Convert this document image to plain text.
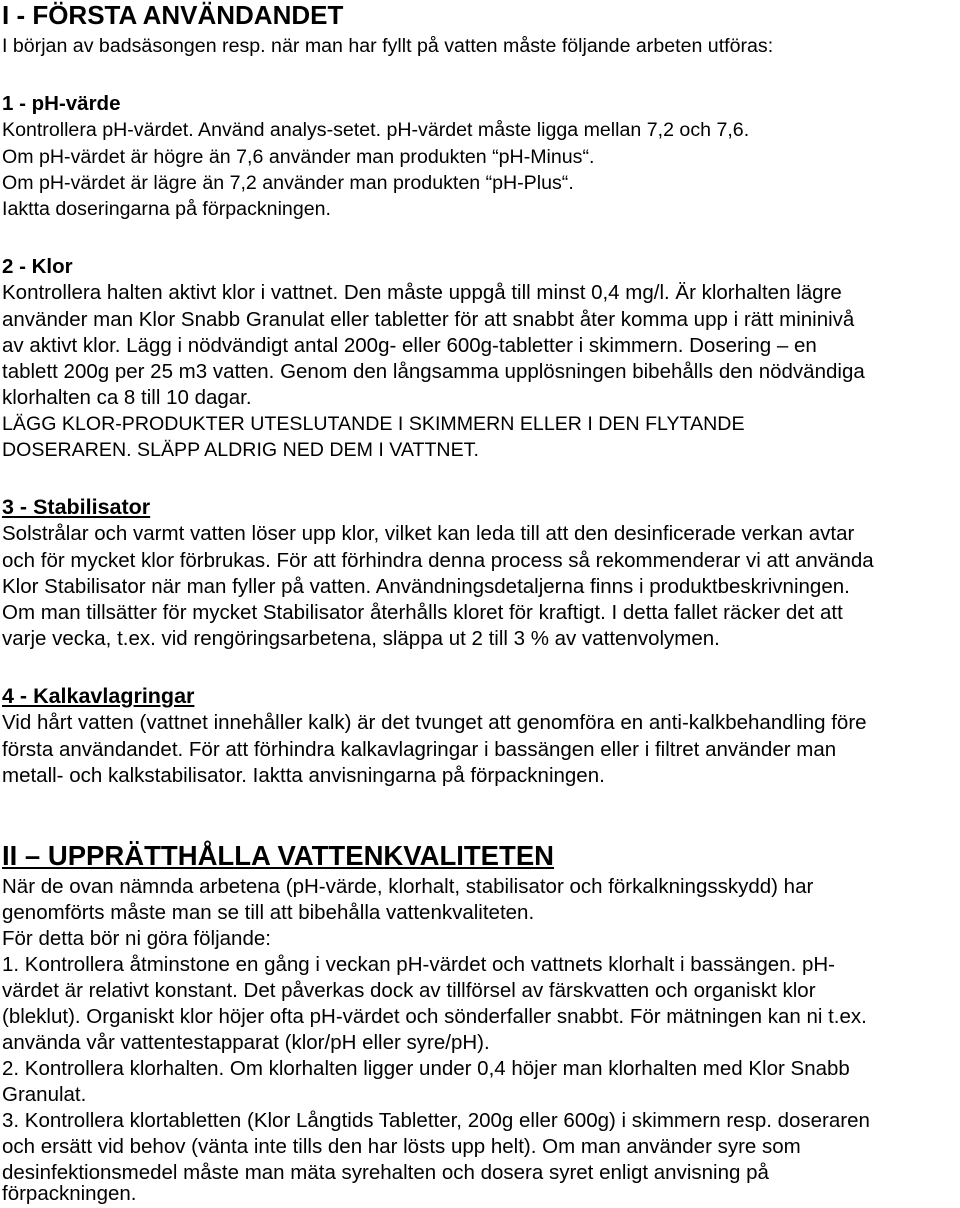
I - FÖRSTA ANVÄNDANDET
I början av badsäsongen resp. när man har fyllt på vatten måste följande arbeten utföras:
1 - pH-värde
Kontrollera pH-värdet. Använd analys-setet. pH-värdet måste ligga mellan 7,2 och 7,6.
Om pH-värdet är högre än 7,6 använder man produkten “pH-Minus“.
Om pH-värdet är lägre än 7,2 använder man produkten “pH-Plus“.
Iaktta doseringarna på förpackningen.
2 - Klor
Kontrollera halten aktivt klor i vattnet. Den måste uppgå till minst 0,4 mg/l. Är klorhalten lägre
använder man Klor Snabb Granulat eller tabletter för att snabbt åter komma upp i rätt mininivå
av aktivt klor. Lägg i nödvändigt antal 200g- eller 600g-tabletter i skimmern. Dosering – en
tablett 200g per 25 m3 vatten. Genom den långsamma upplösningen bibehålls den nödvändiga
klorhalten ca 8 till 10 dagar.
LÄGG KLOR-PRODUKTER UTESLUTANDE I SKIMMERN ELLER I DEN FLYTANDE
DOSERAREN. SLÄPP ALDRIG NED DEM I VATTNET.
3 - Stabilisator
Solstrålar och varmt vatten löser upp klor, vilket kan leda till att den desinficerade verkan avtar
och för mycket klor förbrukas. För att förhindra denna process så rekommenderar vi att använda
Klor Stabilisator när man fyller på vatten. Användningsdetaljerna finns i produktbeskrivningen.
Om man tillsätter för mycket Stabilisator återhålls kloret för kraftigt. I detta fallet räcker det att
varje vecka, t.ex. vid rengöringsarbetena, släppa ut 2 till 3 % av vattenvolymen.
4 - Kalkavlagringar
Vid hårt vatten (vattnet innehåller kalk) är det tvunget att genomföra en anti-kalkbehandling före
första användandet. För att förhindra kalkavlagringar i bassängen eller i filtret använder man
metall- och kalkstabilisator. Iaktta anvisningarna på förpackningen.
II – UPPRÄTTHÅLLA VATTENKVALITETEN
När de ovan nämnda arbetena (pH-värde, klorhalt, stabilisator och förkalkningsskydd) har
genomförts måste man se till att bibehålla vattenkvaliteten.
För detta bör ni göra följande:
1. Kontrollera åtminstone en gång i veckan pH-värdet och vattnets klorhalt i bassängen. pH-
värdet är relativt konstant. Det påverkas dock av tillförsel av färskvatten och organiskt klor
(bleklut). Organiskt klor höjer ofta pH-värdet och sönderfaller snabbt. För mätningen kan ni t.ex.
använda vår vattentestapparat (klor/pH eller syre/pH).
2. Kontrollera klorhalten. Om klorhalten ligger under 0,4 höjer man klorhalten med Klor Snabb
Granulat.
3. Kontrollera klortabletten (Klor Långtids Tabletter, 200g eller 600g) i skimmern resp. doseraren
och ersätt vid behov (vänta inte tills den har lösts upp helt). Om man använder syre som
desinfektionsmedel måste man mäta syrehalten och dosera syret enligt anvisning på
förpackningen.
